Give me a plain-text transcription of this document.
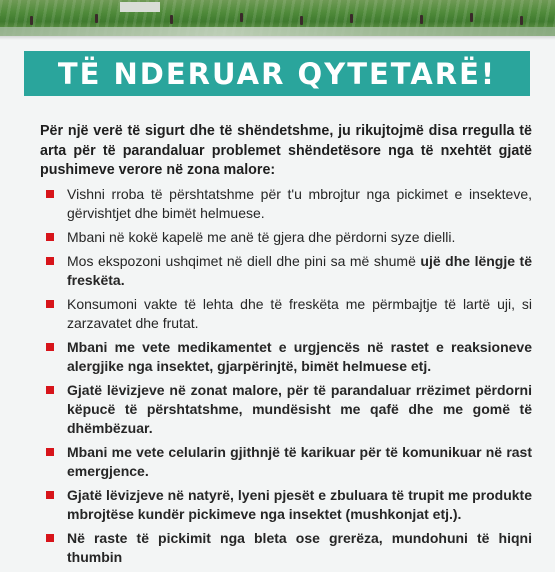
TË NDERUAR QYTETARË!

Për një verë të sigurt dhe të shëndetshme, ju rikujtojmë disa rregulla të arta për të parandaluar problemet shëndetësore nga të nxehtët gjatë pushimeve verore në zona malore:

Vishni rroba të përshtatshme për t'u mbrojtur nga pickimet e insekteve, gërvishtjet dhe bimët helmuese.
Mbani në kokë kapelë me anë të gjera dhe përdorni syze dielli.
Mos ekspozoni ushqimet në diell dhe pini sa më shumë ujë dhe lëngje të freskëta.
Konsumoni vakte të lehta dhe të freskëta me përmbajtje të lartë uji, si zarzavatet dhe frutat.
Mbani me vete medikamentet e urgjencës në rastet e reaksioneve alergjike nga insektet, gjarpërinjtë, bimët helmuese etj.
Gjatë lëvizjeve në zonat malore, për të parandaluar rrëzimet përdorni këpucë të përshtatshme, mundësisht me qafë dhe me gomë të dhëmbëzuar.
Mbani me vete celularin gjithnjë të karikuar për të komunikuar në rast emergjence.
Gjatë lëvizjeve në natyrë, lyeni pjesët e zbuluara të trupit me produkte mbrojtëse kundër pickimeve nga insektet (mushkonjat etj.).
Në raste të pickimit nga bleta ose grerëza, mundohuni të hiqni thumbin
